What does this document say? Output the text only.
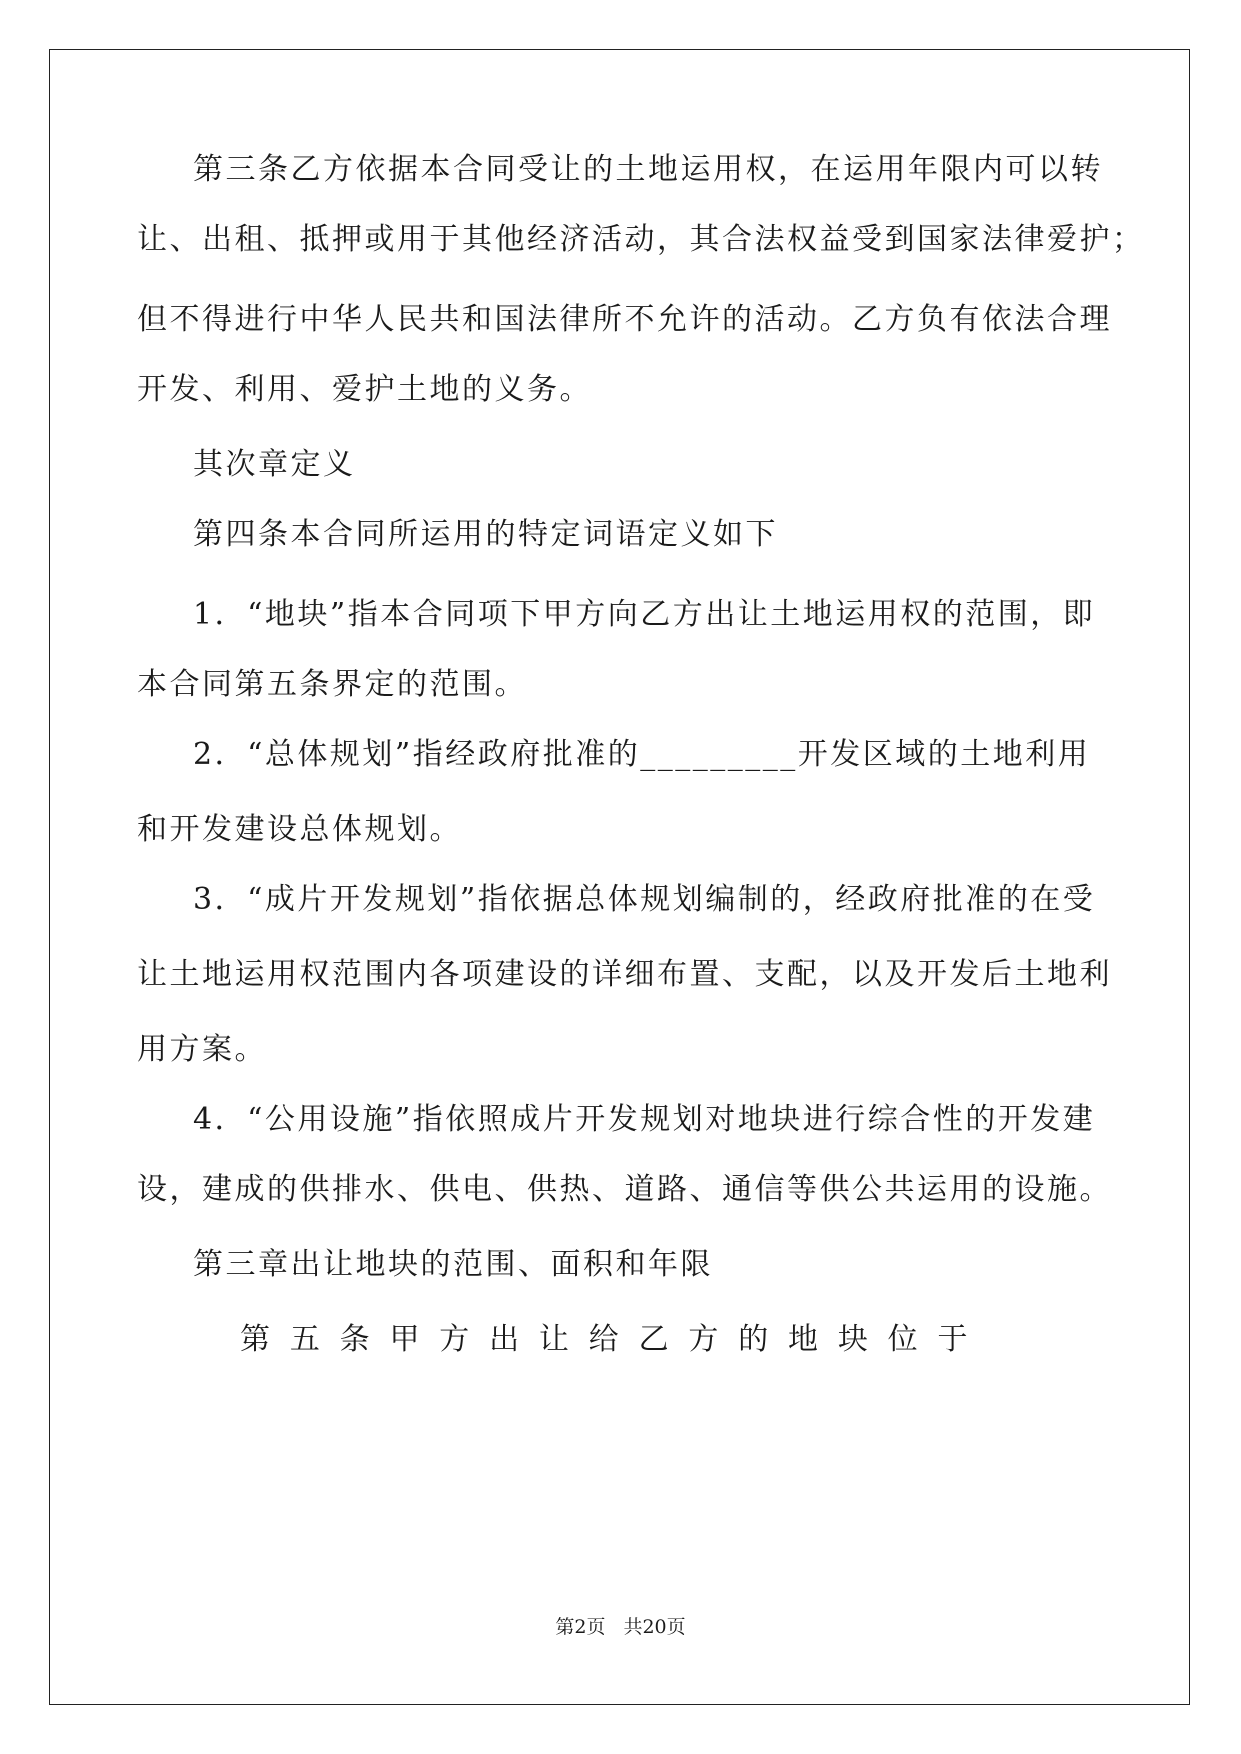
第三条乙方依据本合同受让的土地运用权，在运用年限内可以转
让、出租、抵押或用于其他经济活动，其合法权益受到国家法律爱护；
但不得进行中华人民共和国法律所不允许的活动。乙方负有依法合理
开发、利用、爱护土地的义务。
其次章定义
第四条本合同所运用的特定词语定义如下
1．“地块”指本合同项下甲方向乙方出让土地运用权的范围，即
本合同第五条界定的范围。
2．“总体规划”指经政府批准的_________开发区域的土地利用
和开发建设总体规划。
3．“成片开发规划”指依据总体规划编制的，经政府批准的在受
让土地运用权范围内各项建设的详细布置、支配，以及开发后土地利
用方案。
4．“公用设施”指依照成片开发规划对地块进行综合性的开发建
设，建成的供排水、供电、供热、道路、通信等供公共运用的设施。
第三章出让地块的范围、面积和年限
第五条甲方出让给乙方的地块位于
第2页 共20页
